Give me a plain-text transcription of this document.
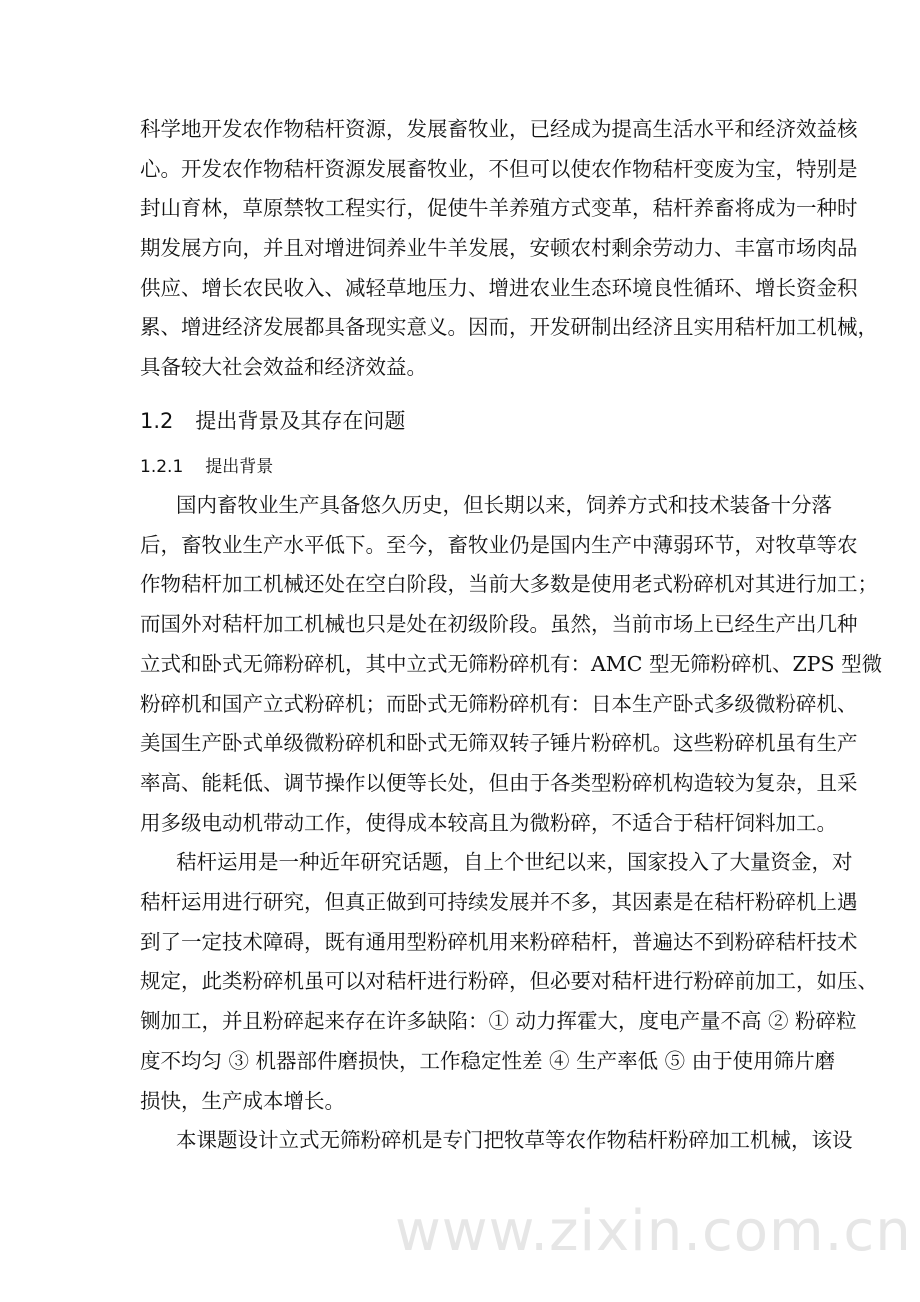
科学地开发农作物秸杆资源，发展畜牧业，已经成为提高生活水平和经济效益核
心。开发农作物秸杆资源发展畜牧业，不但可以使农作物秸杆变废为宝，特别是
封山育林，草原禁牧工程实行，促使牛羊养殖方式变革，秸杆养畜将成为一种时
期发展方向，并且对增进饲养业牛羊发展，安顿农村剩余劳动力、丰富市场肉品
供应、增长农民收入、减轻草地压力、增进农业生态环境良性循环、增长资金积
累、增进经济发展都具备现实意义。因而，开发研制出经济且实用秸杆加工机械，
具备较大社会效益和经济效益。
1.2 提出背景及其存在问题
1.2.1 提出背景
国内畜牧业生产具备悠久历史，但长期以来，饲养方式和技术装备十分落
后，畜牧业生产水平低下。至今，畜牧业仍是国内生产中薄弱环节，对牧草等农
作物秸杆加工机械还处在空白阶段，当前大多数是使用老式粉碎机对其进行加工；
而国外对秸杆加工机械也只是处在初级阶段。虽然，当前市场上已经生产出几种
立式和卧式无筛粉碎机，其中立式无筛粉碎机有：AMC 型无筛粉碎机、ZPS 型微
粉碎机和国产立式粉碎机；而卧式无筛粉碎机有：日本生产卧式多级微粉碎机、
美国生产卧式单级微粉碎机和卧式无筛双转子锤片粉碎机。这些粉碎机虽有生产
率高、能耗低、调节操作以便等长处，但由于各类型粉碎机构造较为复杂，且采
用多级电动机带动工作，使得成本较高且为微粉碎，不适合于秸杆饲料加工。
秸杆运用是一种近年研究话题，自上个世纪以来，国家投入了大量资金，对
秸杆运用进行研究，但真正做到可持续发展并不多，其因素是在秸杆粉碎机上遇
到了一定技术障碍，既有通用型粉碎机用来粉碎秸杆，普遍达不到粉碎秸杆技术
规定，此类粉碎机虽可以对秸杆进行粉碎，但必要对秸杆进行粉碎前加工，如压、
铡加工，并且粉碎起来存在许多缺陷：① 动力挥霍大，度电产量不高 ② 粉碎粒
度不均匀 ③ 机器部件磨损快，工作稳定性差 ④ 生产率低 ⑤ 由于使用筛片磨
损快，生产成本增长。
本课题设计立式无筛粉碎机是专门把牧草等农作物秸杆粉碎加工机械，该设
www.zixin.com.cn
